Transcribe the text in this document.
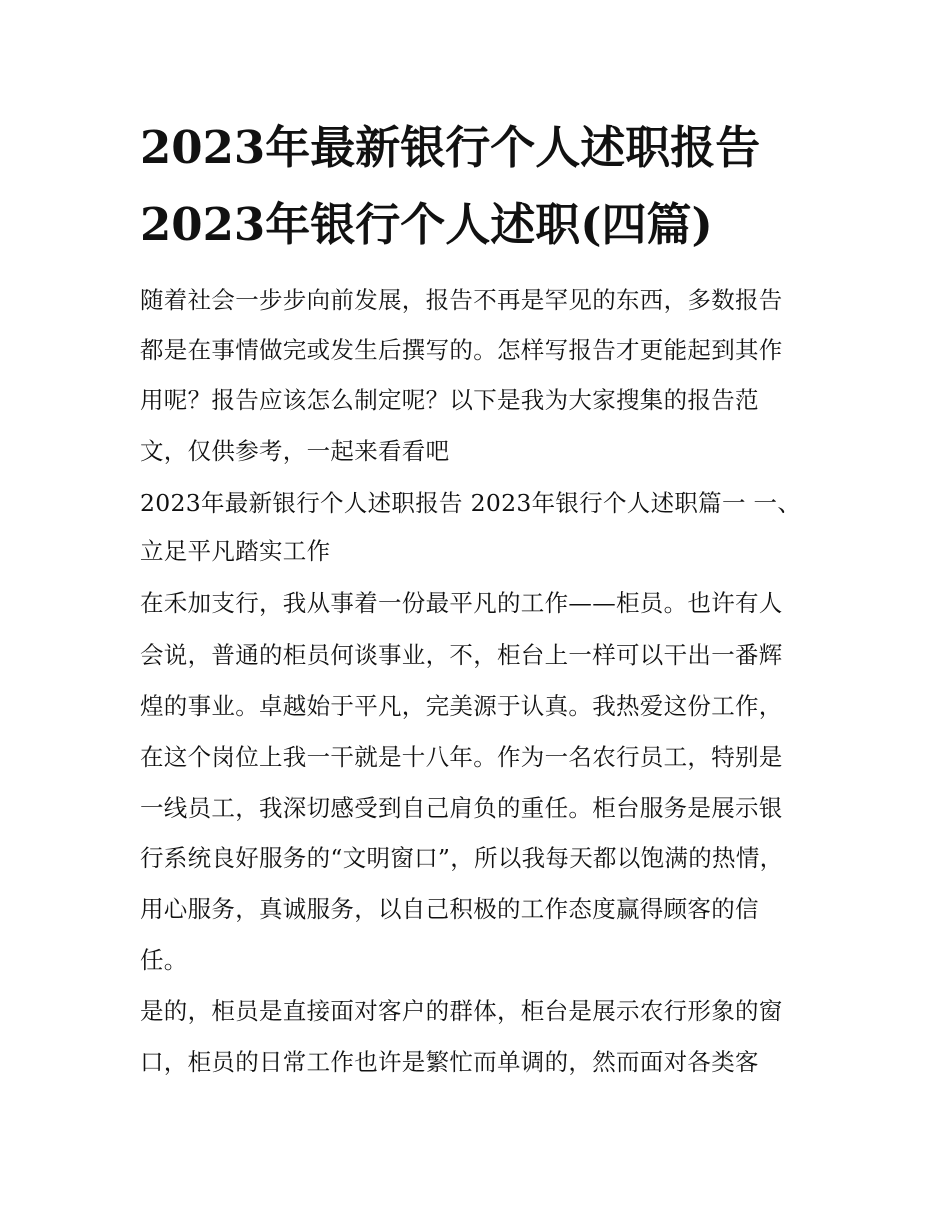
2023年最新银行个人述职报告
2023年银行个人述职(四篇)
随着社会一步步向前发展，报告不再是罕见的东西，多数报告
都是在事情做完或发生后撰写的。怎样写报告才更能起到其作
用呢？报告应该怎么制定呢？以下是我为大家搜集的报告范
文，仅供参考，一起来看看吧
2023年最新银行个人述职报告 2023年银行个人述职篇一 一、
立足平凡踏实工作
在禾加支行，我从事着一份最平凡的工作——柜员。也许有人
会说，普通的柜员何谈事业，不，柜台上一样可以干出一番辉
煌的事业。卓越始于平凡，完美源于认真。我热爱这份工作，
在这个岗位上我一干就是十八年。作为一名农行员工，特别是
一线员工，我深切感受到自己肩负的重任。柜台服务是展示银
行系统良好服务的“文明窗口”，所以我每天都以饱满的热情，
用心服务，真诚服务，以自己积极的工作态度赢得顾客的信
任。
是的，柜员是直接面对客户的群体，柜台是展示农行形象的窗
口，柜员的日常工作也许是繁忙而单调的，然而面对各类客
